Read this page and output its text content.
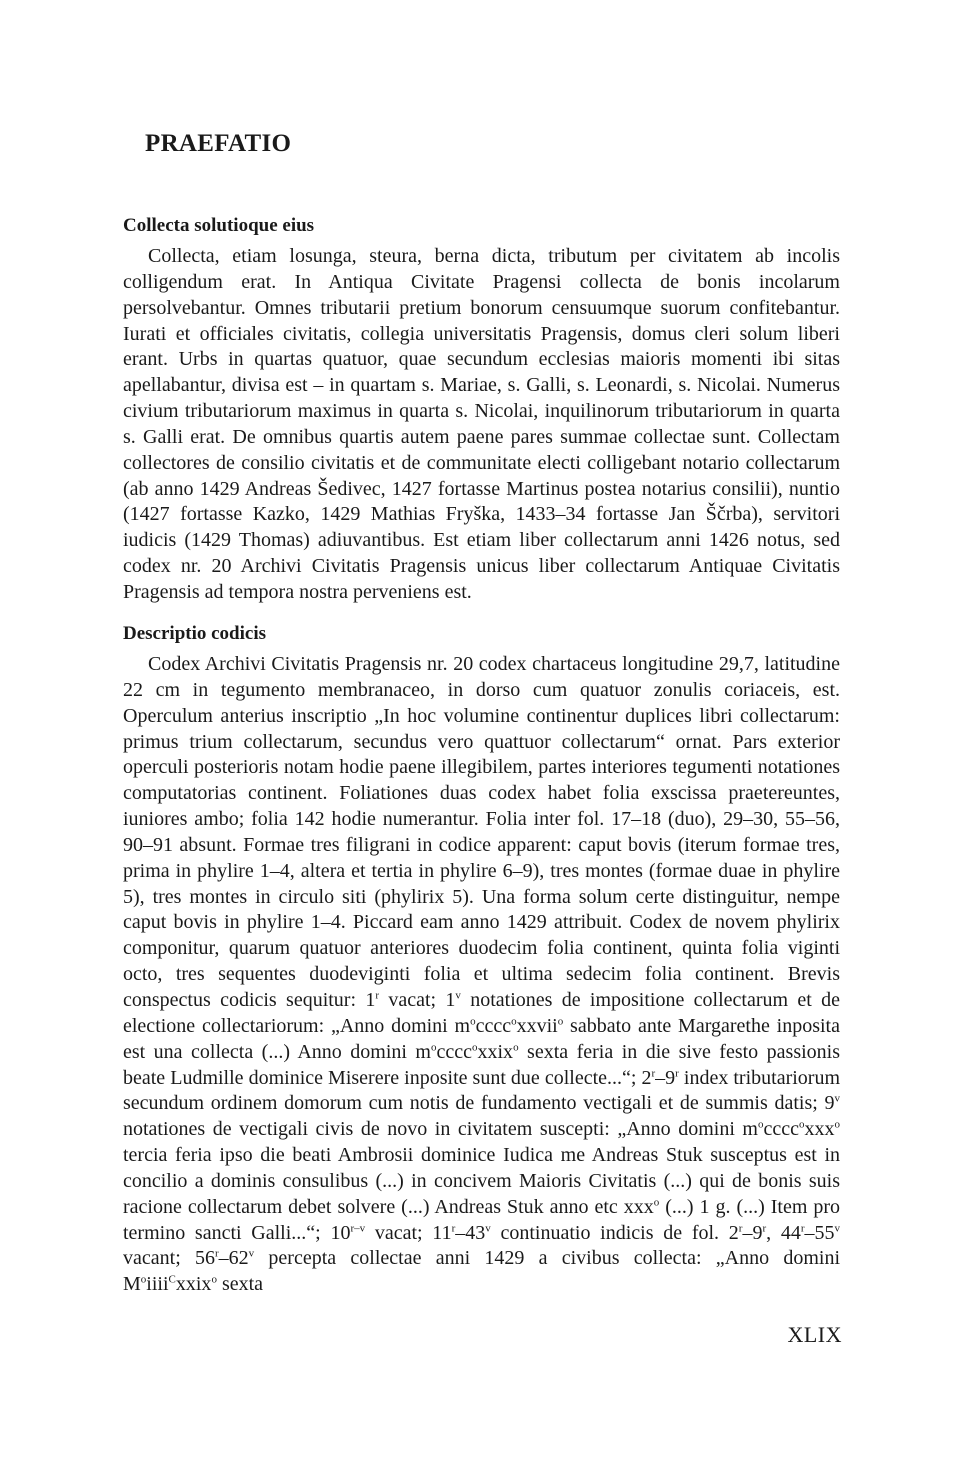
PRAEFATIO
Collecta solutioque eius

Collecta, etiam losunga, steura, berna dicta, tributum per civitatem ab incolis colligendum erat. In Antiqua Civitate Pragensi collecta de bonis incolarum persolvebantur. Omnes tributarii pretium bonorum censuumque suorum confitebantur. Iurati et officiales civitatis, collegia universitatis Pragensis, domus cleri solum liberi erant. Urbs in quartas quatuor, quae secundum ecclesias maioris momenti ibi sitas apellabantur, divisa est – in quartam s. Mariae, s. Galli, s. Leonardi, s. Nicolai. Numerus civium tributariorum maximus in quarta s. Nicolai, inquilinorum tributariorum in quarta s. Galli erat. De omnibus quartis autem paene pares summae collectae sunt. Collectam collectores de consilio civitatis et de communitate electi colligebant notario collectarum (ab anno 1429 Andreas Šedivec, 1427 fortasse Martinus postea notarius consilii), nuntio (1427 fortasse Kazko, 1429 Mathias Fryška, 1433–34 fortasse Jan Ščrba), servitori iudicis (1429 Thomas) adiuvantibus. Est etiam liber collectarum anni 1426 notus, sed codex nr. 20 Archivi Civitatis Pragensis unicus liber collectarum Antiquae Civitatis Pragensis ad tempora nostra perveniens est.

Descriptio codicis

Codex Archivi Civitatis Pragensis nr. 20 codex chartaceus longitudine 29,7, latitudine 22 cm in tegumento membranaceo, in dorso cum quatuor zonulis coriaceis, est. Operculum anterius inscriptio „In hoc volumine continentur duplices libri collectarum: primus trium collectarum, secundus vero quattuor collectarum“ ornat. Pars exterior operculi posterioris notam hodie paene illegibilem, partes interiores tegumenti notationes computatorias continent. Foliationes duas codex habet folia exscissa praetereuntes, iuniores ambo; folia 142 hodie numerantur. Folia inter fol. 17–18 (duo), 29–30, 55–56, 90–91 absunt. Formae tres filigrani in codice apparent: caput bovis (iterum formae tres, prima in phylire 1–4, altera et tertia in phylire 6–9), tres montes (formae duae in phylire 5), tres montes in circulo siti (phylirix 5). Una forma solum certe distinguitur, nempe caput bovis in phylire 1–4. Piccard eam anno 1429 attribuit. Codex de novem phylirix componitur, quarum quatuor anteriores duodecim folia continent, quinta folia viginti octo, tres sequentes duodeviginti folia et ultima sedecim folia continent. Brevis conspectus codicis sequitur: 1$^r$ vacat; 1$^v$ notationes de impositione collectarum et de electione collectariorum: „Anno domini $m^occcc^oxxvii^o$ sabbato ante Margarethe inposita est una collecta (...) Anno domini $m^occcc^oxxix^o$ sexta feria in die sive festo passionis beate Ludmille dominice Miserere inposite sunt due collecte...“; 2$^r$–9$^r$ index tributariorum secundum ordinem domorum cum notis de fundamento vectigali et de summis datis; 9$^v$ notationes de vectigali civis de novo in civitatem suscepti: „Anno domini $m^occcc^oxxx^o$ tercia feria ipso die beati Ambrosii dominice Iudica me Andreas Stuk susceptus est in concilio a dominis consulibus (...) in concivem Maioris Civitatis (...) qui de bonis suis racione collectarum debet solvere (...) Andreas Stuk anno etc xxx$^o$ (...) 1 g. (...) Item pro termino sancti Galli...“; 10$^{r-v}$ vacat; 11$^r$–43$^v$ continuatio indicis de fol. 2$^r$–9$^r$, 44$^r$–55$^v$ vacant; 56$^r$–62$^v$ percepta collectae anni 1429 a civibus collecta: „Anno domini $M^oiiii^Cxxix^o$ sexta

XLIX
